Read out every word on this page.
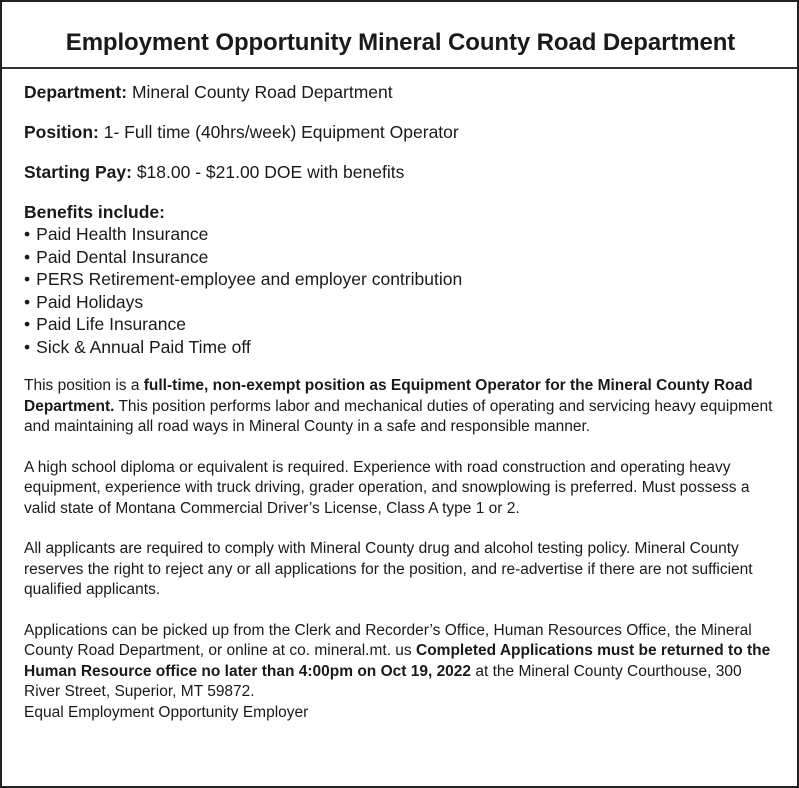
Employment Opportunity Mineral County Road Department
Department: Mineral County Road Department
Position: 1- Full time (40hrs/week) Equipment Operator
Starting Pay: $18.00 - $21.00 DOE with benefits
Benefits include:
• Paid Health Insurance
• Paid Dental Insurance
• PERS Retirement-employee and employer contribution
• Paid Holidays
• Paid Life Insurance
• Sick & Annual Paid Time off

This position is a full-time, non-exempt position as Equipment Operator for the Mineral County Road Department. This position performs labor and mechanical duties of operating and servicing heavy equipment and maintaining all road ways in Mineral County in a safe and responsible manner.

A high school diploma or equivalent is required. Experience with road construction and operating heavy equipment, experience with truck driving, grader operation, and snowplowing is preferred. Must possess a valid state of Montana Commercial Driver’s License, Class A type 1 or 2.

All applicants are required to comply with Mineral County drug and alcohol testing policy. Mineral County reserves the right to reject any or all applications for the position, and re-advertise if there are not sufficient qualified applicants.

Applications can be picked up from the Clerk and Recorder’s Office, Human Resources Office, the Mineral County Road Department, or online at co. mineral.mt. us Completed Applications must be returned to the Human Resource office no later than 4:00pm on Oct 19, 2022 at the Mineral County Courthouse, 300 River Street, Superior, MT 59872.
Equal Employment Opportunity Employer
